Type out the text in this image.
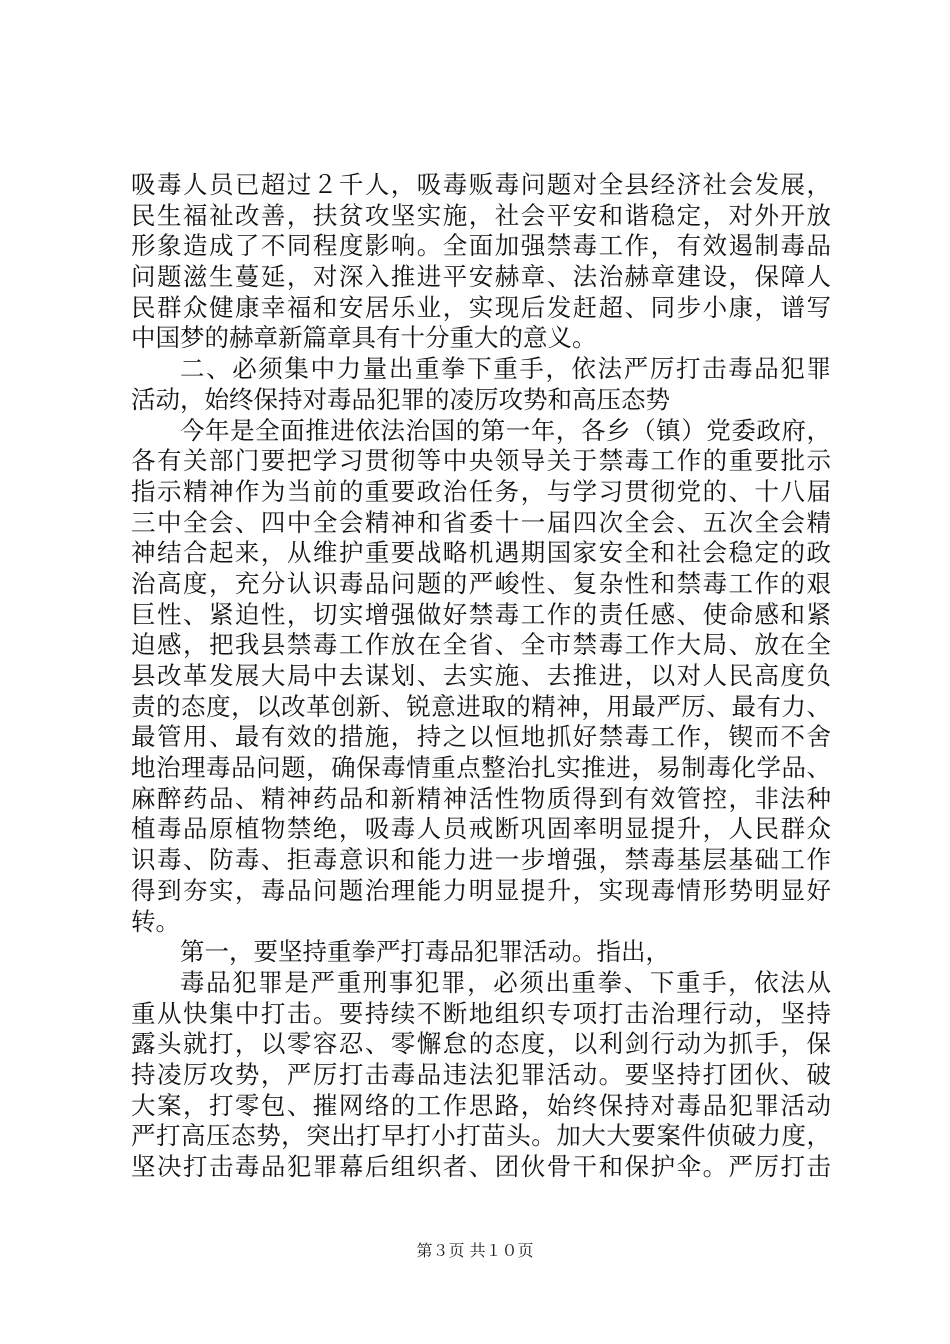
吸毒人员已超过２千人，吸毒贩毒问题对全县经济社会发展，
民生福祉改善，扶贫攻坚实施，社会平安和谐稳定，对外开放
形象造成了不同程度影响。全面加强禁毒工作，有效遏制毒品
问题滋生蔓延，对深入推进平安赫章、法治赫章建设，保障人
民群众健康幸福和安居乐业，实现后发赶超、同步小康，谱写
中国梦的赫章新篇章具有十分重大的意义。
二、必须集中力量出重拳下重手，依法严厉打击毒品犯罪
活动，始终保持对毒品犯罪的凌厉攻势和高压态势
今年是全面推进依法治国的第一年，各乡（镇）党委政府，
各有关部门要把学习贯彻等中央领导关于禁毒工作的重要批示
指示精神作为当前的重要政治任务，与学习贯彻党的、十八届
三中全会、四中全会精神和省委十一届四次全会、五次全会精
神结合起来，从维护重要战略机遇期国家安全和社会稳定的政
治高度，充分认识毒品问题的严峻性、复杂性和禁毒工作的艰
巨性、紧迫性，切实增强做好禁毒工作的责任感、使命感和紧
迫感，把我县禁毒工作放在全省、全市禁毒工作大局、放在全
县改革发展大局中去谋划、去实施、去推进，以对人民高度负
责的态度，以改革创新、锐意进取的精神，用最严厉、最有力、
最管用、最有效的措施，持之以恒地抓好禁毒工作，锲而不舍
地治理毒品问题，确保毒情重点整治扎实推进，易制毒化学品、
麻醉药品、精神药品和新精神活性物质得到有效管控，非法种
植毒品原植物禁绝，吸毒人员戒断巩固率明显提升，人民群众
识毒、防毒、拒毒意识和能力进一步增强，禁毒基层基础工作
得到夯实，毒品问题治理能力明显提升，实现毒情形势明显好
转。
第一，要坚持重拳严打毒品犯罪活动。指出，
毒品犯罪是严重刑事犯罪，必须出重拳、下重手，依法从
重从快集中打击。要持续不断地组织专项打击治理行动，坚持
露头就打，以零容忍、零懈怠的态度，以利剑行动为抓手，保
持凌厉攻势，严厉打击毒品违法犯罪活动。要坚持打团伙、破
大案，打零包、摧网络的工作思路，始终保持对毒品犯罪活动
严打高压态势，突出打早打小打苗头。加大大要案件侦破力度，
坚决打击毒品犯罪幕后组织者、团伙骨干和保护伞。严厉打击
第３页 共１０页
